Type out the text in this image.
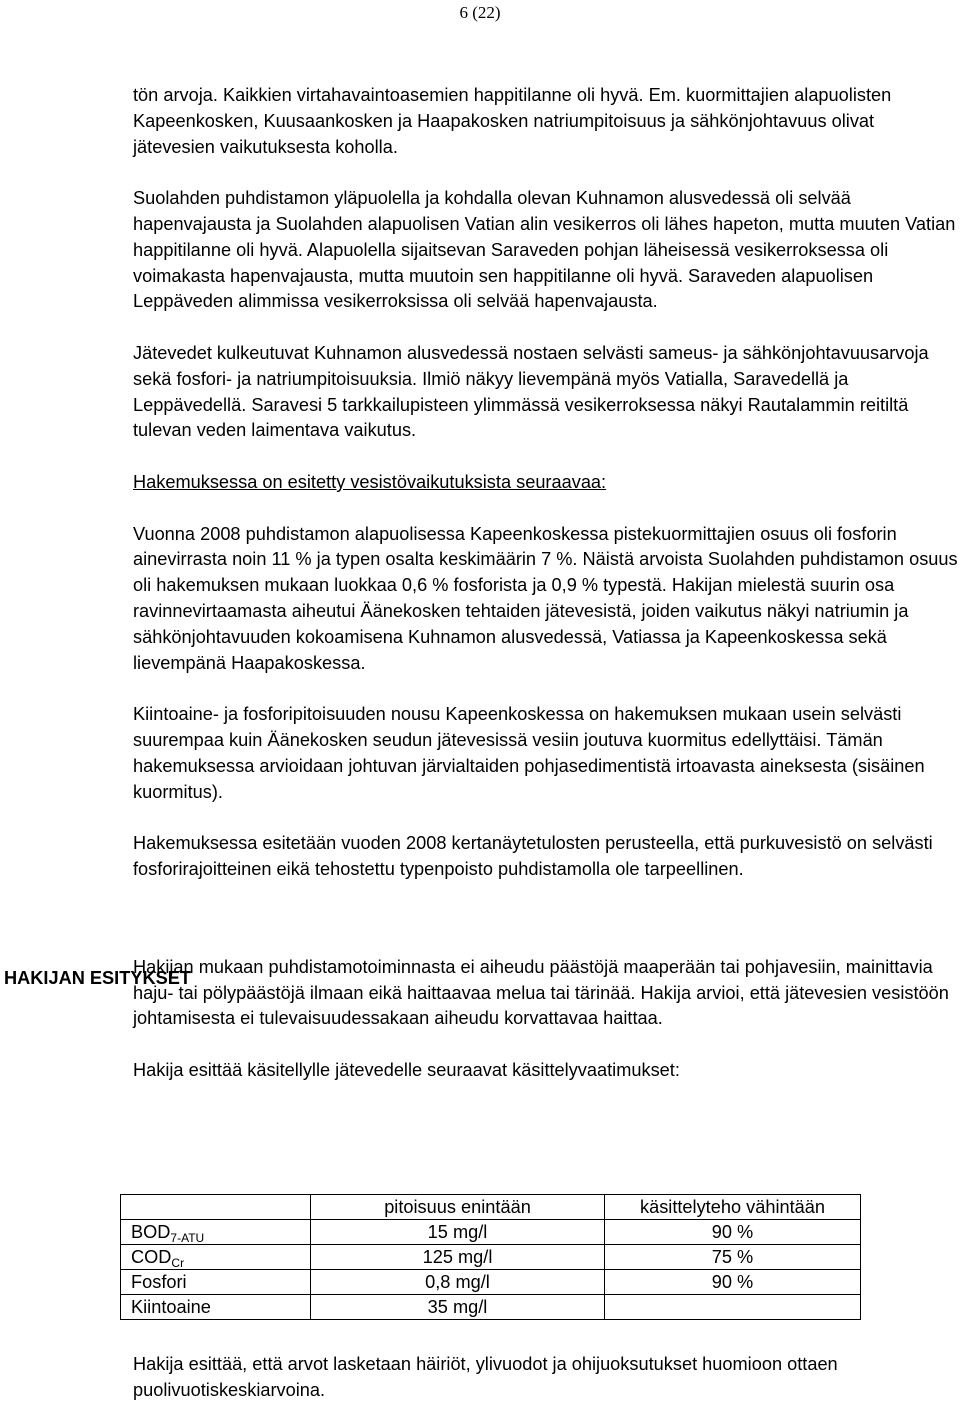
6 (22)

tön arvoja. Kaikkien virtahavaintoasemien happitilanne oli hyvä. Em. kuormittajien alapuolisten Kapeenkosken, Kuusaankosken ja Haapakosken natriumpitoisuus ja sähkönjohtavuus olivat jätevesien vaikutuksesta koholla.

Suolahden puhdistamon yläpuolella ja kohdalla olevan Kuhnamon alusvedessä oli selvää hapenvajausta ja Suolahden alapuolisen Vatian alin vesikerros oli lähes hapeton, mutta muuten Vatian happitilanne oli hyvä. Alapuolella sijaitsevan Saraveden pohjan läheisessä vesikerroksessa oli voimakasta hapenvajausta, mutta muutoin sen happitilanne oli hyvä. Saraveden alapuolisen Leppäveden alimmissa vesikerroksissa oli selvää hapenvajausta.

Jätevedet kulkeutuvat Kuhnamon alusvedessä nostaen selvästi sameus- ja sähkönjohtavuusarvoja sekä fosfori- ja natriumpitoisuuksia. Ilmiö näkyy lievempänä myös Vatialla, Saravedellä ja Leppävedellä. Saravesi 5 tarkkailupisteen ylimmässä vesikerroksessa näkyi Rautalammin reitiltä tulevan veden laimentava vaikutus.

Hakemuksessa on esitetty vesistövaikutuksista seuraavaa:

Vuonna 2008 puhdistamon alapuolisessa Kapeenkoskessa pistekuormittajien osuus oli fosforin ainevirrasta noin 11 % ja typen osalta keskimäärin 7 %. Näistä arvoista Suolahden puhdistamon osuus oli hakemuksen mukaan luokkaa 0,6 % fosforista ja 0,9 % typestä. Hakijan mielestä suurin osa ravinnevirtaamasta aiheutui Äänekosken tehtaiden jätevesistä, joiden vaikutus näkyi natriumin ja sähkönjohtavuuden kokoamisena Kuhnamon alusvedessä, Vatiassa ja Kapeenkoskessa sekä lievempänä Haapakoskessa.

Kiintoaine- ja fosforipitoisuuden nousu Kapeenkoskessa on hakemuksen mukaan usein selvästi suurempaa kuin Äänekosken seudun jätevesissä vesiin joutuva kuormitus edellyttäisi. Tämän hakemuksessa arvioidaan johtuvan järvialtaiden pohjasedimentistä irtoavasta aineksesta (sisäinen kuormitus).

Hakemuksessa esitetään vuoden 2008 kertanäytetulosten perusteella, että purkuvesistö on selvästi fosforirajoitteinen eikä tehostettu typenpoisto puhdistamolla ole tarpeellinen.

Hakijan mukaan puhdistamotoiminnasta ei aiheudu päästöjä maaperään tai pohjavesiin, mainittavia haju- tai pölypäästöjä ilmaan eikä haittaavaa melua tai tärinää. Hakija arvioi, että jätevesien vesistöön johtamisesta ei tulevaisuudessakaan aiheudu korvattavaa haittaa.

Hakija esittää käsitellylle jätevedelle seuraavat käsittelyvaatimukset:

HAKIJAN ESITYKSET
	pitoisuus enintään	käsittelyteho vähintään
$BOD_{7-ATU}$	15 mg/l	90 %
$COD_{Cr}$	125 mg/l	75 %
Fosfori	0,8 mg/l	90 %
Kiintoaine	35 mg/l	

Hakija esittää, että arvot lasketaan häiriöt, ylivuodot ja ohijuoksutukset huomioon ottaen puolivuotiskeskiarvoina.
